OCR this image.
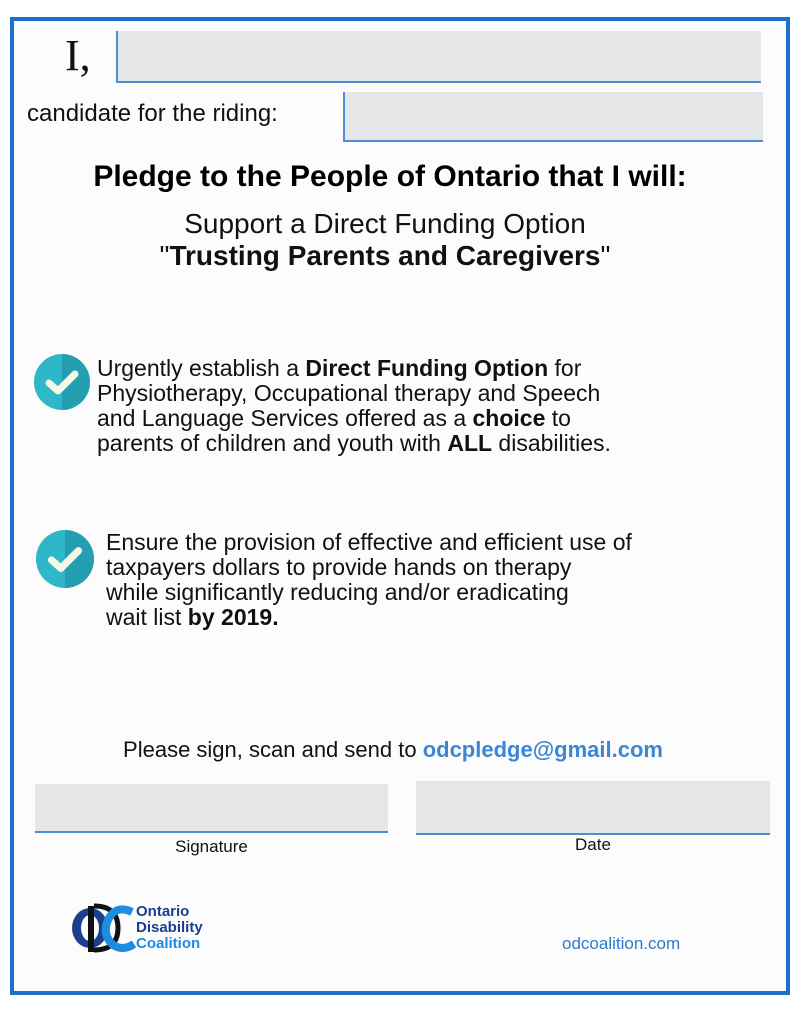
I,
candidate for the riding:
Pledge to the People of Ontario that I will:
Support a Direct Funding Option
"Trusting Parents and Caregivers"
Urgently establish a Direct Funding Option for
Physiotherapy, Occupational therapy and Speech
and Language Services offered as a choice to
parents of children and youth with ALL disabilities.
Ensure the provision of effective and efficient use of
taxpayers dollars to provide hands on therapy
while significantly reducing and/or eradicating
wait list by 2019.
Please sign, scan and send to odcpledge@gmail.com
Signature	Date
Ontario
Disability
Coalition	odcoalition.com
